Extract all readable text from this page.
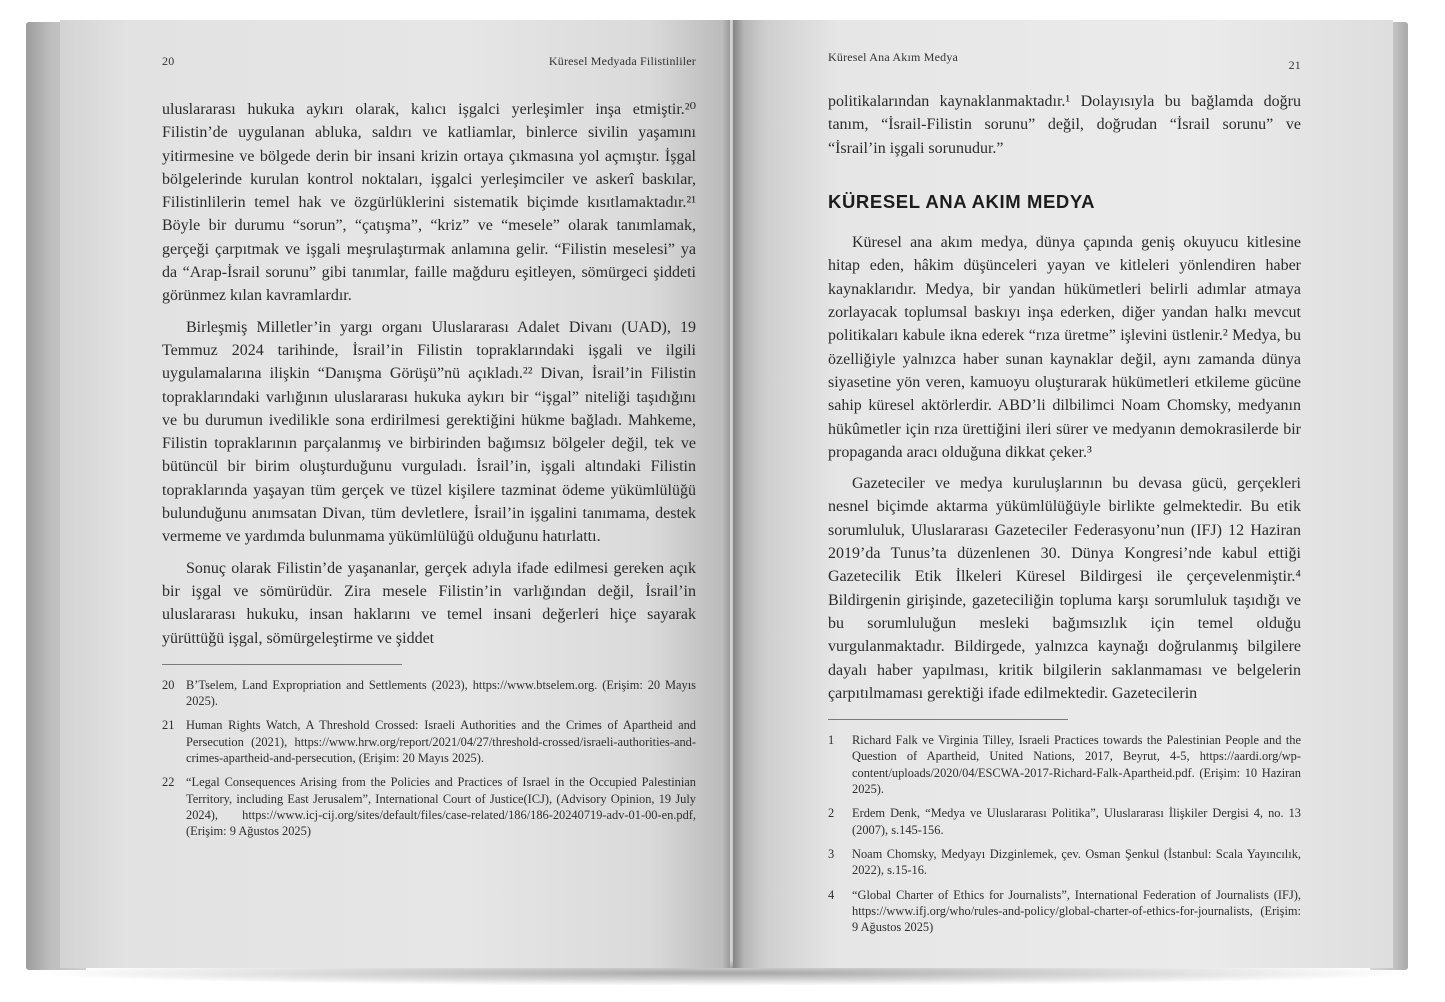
20	Küresel Medyada Filistinliler

uluslararası hukuka aykırı olarak, kalıcı işgalci yerleşimler inşa etmiştir.²⁰ Filistin’de uygulanan abluka, saldırı ve katliamlar, binlerce sivilin yaşamını yitirmesine ve bölgede derin bir insani krizin ortaya çıkmasına yol açmıştır. İşgal bölgelerinde kurulan kontrol noktaları, işgalci yerleşimciler ve askerî baskılar, Filistinlilerin temel hak ve özgürlüklerini sistematik biçimde kısıtlamaktadır.²¹ Böyle bir durumu “sorun”, “çatışma”, “kriz” ve “mesele” olarak tanımlamak, gerçeği çarpıtmak ve işgali meşrulaştırmak anlamına gelir. “Filistin meselesi” ya da “Arap-İsrail sorunu” gibi tanımlar, faille mağduru eşitleyen, sömürgeci şiddeti görünmez kılan kavramlardır.

Birleşmiş Milletler’in yargı organı Uluslararası Adalet Divanı (UAD), 19 Temmuz 2024 tarihinde, İsrail’in Filistin topraklarındaki işgali ve ilgili uygulamalarına ilişkin “Danışma Görüşü”nü açıkladı.²² Divan, İsrail’in Filistin topraklarındaki varlığının uluslararası hukuka aykırı bir “işgal” niteliği taşıdığını ve bu durumun ivedilikle sona erdirilmesi gerektiğini hükme bağladı. Mahkeme, Filistin topraklarının parçalanmış ve birbirinden bağımsız bölgeler değil, tek ve bütüncül bir birim oluşturduğunu vurguladı. İsrail’in, işgali altındaki Filistin topraklarında yaşayan tüm gerçek ve tüzel kişilere tazminat ödeme yükümlülüğü bulunduğunu anımsatan Divan, tüm devletlere, İsrail’in işgalini tanımama, destek vermeme ve yardımda bulunmama yükümlülüğü olduğunu hatırlattı.

Sonuç olarak Filistin’de yaşananlar, gerçek adıyla ifade edilmesi gereken açık bir işgal ve sömürüdür. Zira mesele Filistin’in varlığından değil, İsrail’in uluslararası hukuku, insan haklarını ve temel insani değerleri hiçe sayarak yürüttüğü işgal, sömürgeleştirme ve şiddet

20 B’Tselem, Land Expropriation and Settlements (2023), https://www.btselem.org. (Erişim: 20 Mayıs 2025).
21 Human Rights Watch, A Threshold Crossed: Israeli Authorities and the Crimes of Apartheid and Persecution (2021), https://www.hrw.org/report/2021/04/27/threshold-crossed/israeli-authorities-and-crimes-apartheid-and-persecution, (Erişim: 20 Mayıs 2025).
22 “Legal Consequences Arising from the Policies and Practices of Israel in the Occupied Palestinian Territory, including East Jerusalem”, International Court of Justice(ICJ), (Advisory Opinion, 19 July 2024), https://www.icj-cij.org/sites/default/files/case-related/186/186-20240719-adv-01-00-en.pdf, (Erişim: 9 Ağustos 2025)
Küresel Ana Akım Medya
21

politikalarından kaynaklanmaktadır.¹ Dolayısıyla bu bağlamda doğru tanım, “İsrail-Filistin sorunu” değil, doğrudan “İsrail sorunu” ve “İsrail’in işgali sorunudur.”

KÜRESEL ANA AKIM MEDYA

Küresel ana akım medya, dünya çapında geniş okuyucu kitlesine hitap eden, hâkim düşünceleri yayan ve kitleleri yönlendiren haber kaynaklarıdır. Medya, bir yandan hükümetleri belirli adımlar atmaya zorlayacak toplumsal baskıyı inşa ederken, diğer yandan halkı mevcut politikaları kabule ikna ederek “rıza üretme” işlevini üstlenir.² Medya, bu özelliğiyle yalnızca haber sunan kaynaklar değil, aynı zamanda dünya siyasetine yön veren, kamuoyu oluşturarak hükümetleri etkileme gücüne sahip küresel aktörlerdir. ABD’li dilbilimci Noam Chomsky, medyanın hükûmetler için rıza ürettiğini ileri sürer ve medyanın demokrasilerde bir propaganda aracı olduğuna dikkat çeker.³

Gazeteciler ve medya kuruluşlarının bu devasa gücü, gerçekleri nesnel biçimde aktarma yükümlülüğüyle birlikte gelmektedir. Bu etik sorumluluk, Uluslararası Gazeteciler Federasyonu’nun (IFJ) 12 Haziran 2019’da Tunus’ta düzenlenen 30. Dünya Kongresi’nde kabul ettiği Gazetecilik Etik İlkeleri Küresel Bildirgesi ile çerçevelenmiştir.⁴ Bildirgenin girişinde, gazeteciliğin topluma karşı sorumluluk taşıdığı ve bu sorumluluğun mesleki bağımsızlık için temel olduğu vurgulanmaktadır. Bildirgede, yalnızca kaynağı doğrulanmış bilgilere dayalı haber yapılması, kritik bilgilerin saklanmaması ve belgelerin çarpıtılmaması gerektiği ifade edilmektedir. Gazetecilerin

1	Richard Falk ve Virginia Tilley, Israeli Practices towards the Palestinian People and the Question of Apartheid, United Nations, 2017, Beyrut, 4-5, https://aardi.org/wp-content/uploads/2020/04/ESCWA-2017-Richard-Falk-Apartheid.pdf. (Erişim: 10 Haziran 2025).
2	Erdem Denk, “Medya ve Uluslararası Politika”, Uluslararası İlişkiler Dergisi 4, no. 13 (2007), s.145-156.
3	Noam Chomsky, Medyayı Dizginlemek, çev. Osman Şenkul (İstanbul: Scala Yayıncılık, 2022), s.15-16.
4	“Global Charter of Ethics for Journalists”, International Federation of Journalists (IFJ), https://www.ifj.org/who/rules-and-policy/global-charter-of-ethics-for-journalists, (Erişim: 9 Ağustos 2025)
